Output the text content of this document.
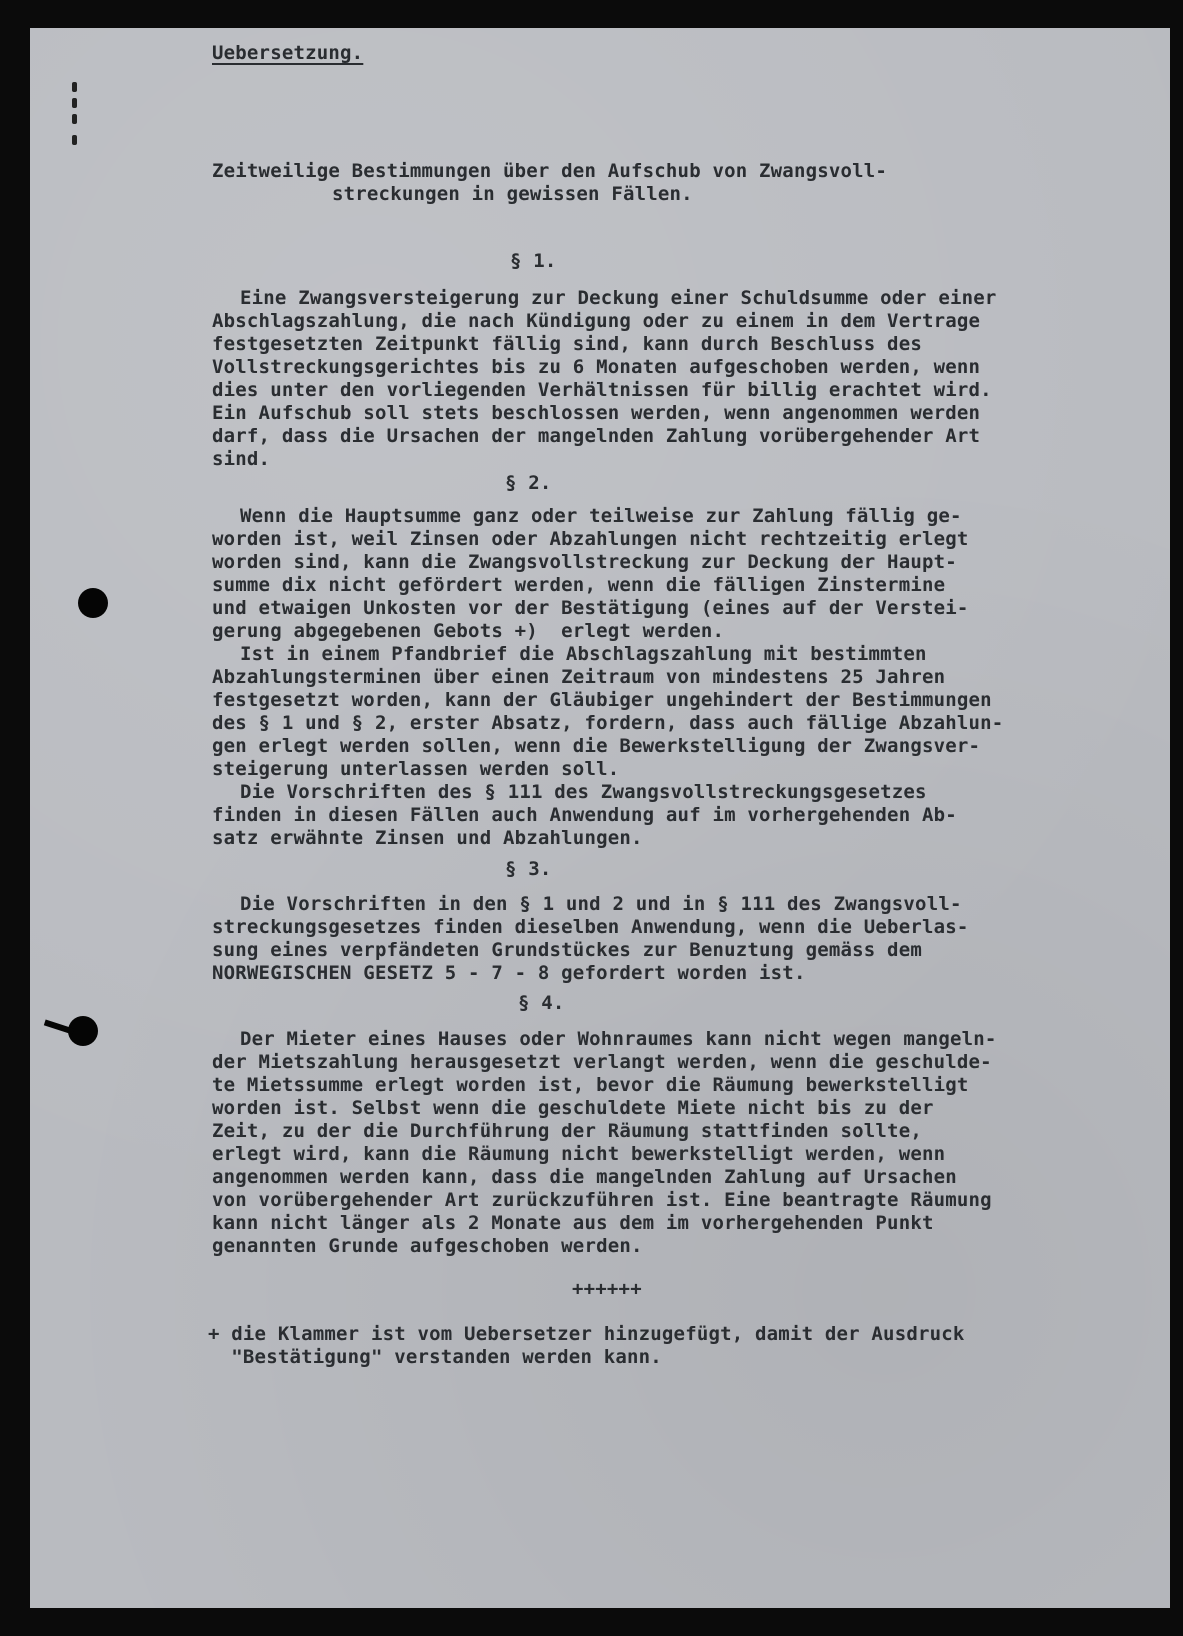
Uebersetzung.

Zeitweilige Bestimmungen über den Aufschub von Zwangsvoll-

streckungen in gewissen Fällen.

§ 1.

Eine Zwangsversteigerung zur Deckung einer Schuldsumme oder einer

Abschlagszahlung, die nach Kündigung oder zu einem in dem Vertrage

festgesetzten Zeitpunkt fällig sind, kann durch Beschluss des

Vollstreckungsgerichtes bis zu 6 Monaten aufgeschoben werden, wenn

dies unter den vorliegenden Verhältnissen für billig erachtet wird.

Ein Aufschub soll stets beschlossen werden, wenn angenommen werden

darf, dass die Ursachen der mangelnden Zahlung vorübergehender Art

sind.

§ 2.

Wenn die Hauptsumme ganz oder teilweise zur Zahlung fällig ge-

worden ist, weil Zinsen oder Abzahlungen nicht rechtzeitig erlegt

worden sind, kann die Zwangsvollstreckung zur Deckung der Haupt-

summe dix nicht gefördert werden, wenn die fälligen Zinstermine

und etwaigen Unkosten vor der Bestätigung (eines auf der Verstei-

gerung abgegebenen Gebots +)  erlegt werden.

Ist in einem Pfandbrief die Abschlagszahlung mit bestimmten

Abzahlungsterminen über einen Zeitraum von mindestens 25 Jahren

festgesetzt worden, kann der Gläubiger ungehindert der Bestimmungen

des § 1 und § 2, erster Absatz, fordern, dass auch fällige Abzahlun-

gen erlegt werden sollen, wenn die Bewerkstelligung der Zwangsver-

steigerung unterlassen werden soll.

Die Vorschriften des § 111 des Zwangsvollstreckungsgesetzes

finden in diesen Fällen auch Anwendung auf im vorhergehenden Ab-

satz erwähnte Zinsen und Abzahlungen.

§ 3.

Die Vorschriften in den § 1 und 2 und in § 111 des Zwangsvoll-

streckungsgesetzes finden dieselben Anwendung, wenn die Ueberlas-

sung eines verpfändeten Grundstückes zur Benuztung gemäss dem

NORWEGISCHEN GESETZ 5 - 7 - 8 gefordert worden ist.

§ 4.

Der Mieter eines Hauses oder Wohnraumes kann nicht wegen mangeln-

der Mietszahlung herausgesetzt verlangt werden, wenn die geschulde-

te Mietssumme erlegt worden ist, bevor die Räumung bewerkstelligt

worden ist. Selbst wenn die geschuldete Miete nicht bis zu der

Zeit, zu der die Durchführung der Räumung stattfinden sollte,

erlegt wird, kann die Räumung nicht bewerkstelligt werden, wenn

angenommen werden kann, dass die mangelnden Zahlung auf Ursachen

von vorübergehender Art zurückzuführen ist. Eine beantragte Räumung

kann nicht länger als 2 Monate aus dem im vorhergehenden Punkt

genannten Grunde aufgeschoben werden.

++++++

+ die Klammer ist vom Uebersetzer hinzugefügt, damit der Ausdruck

"Bestätigung" verstanden werden kann.
